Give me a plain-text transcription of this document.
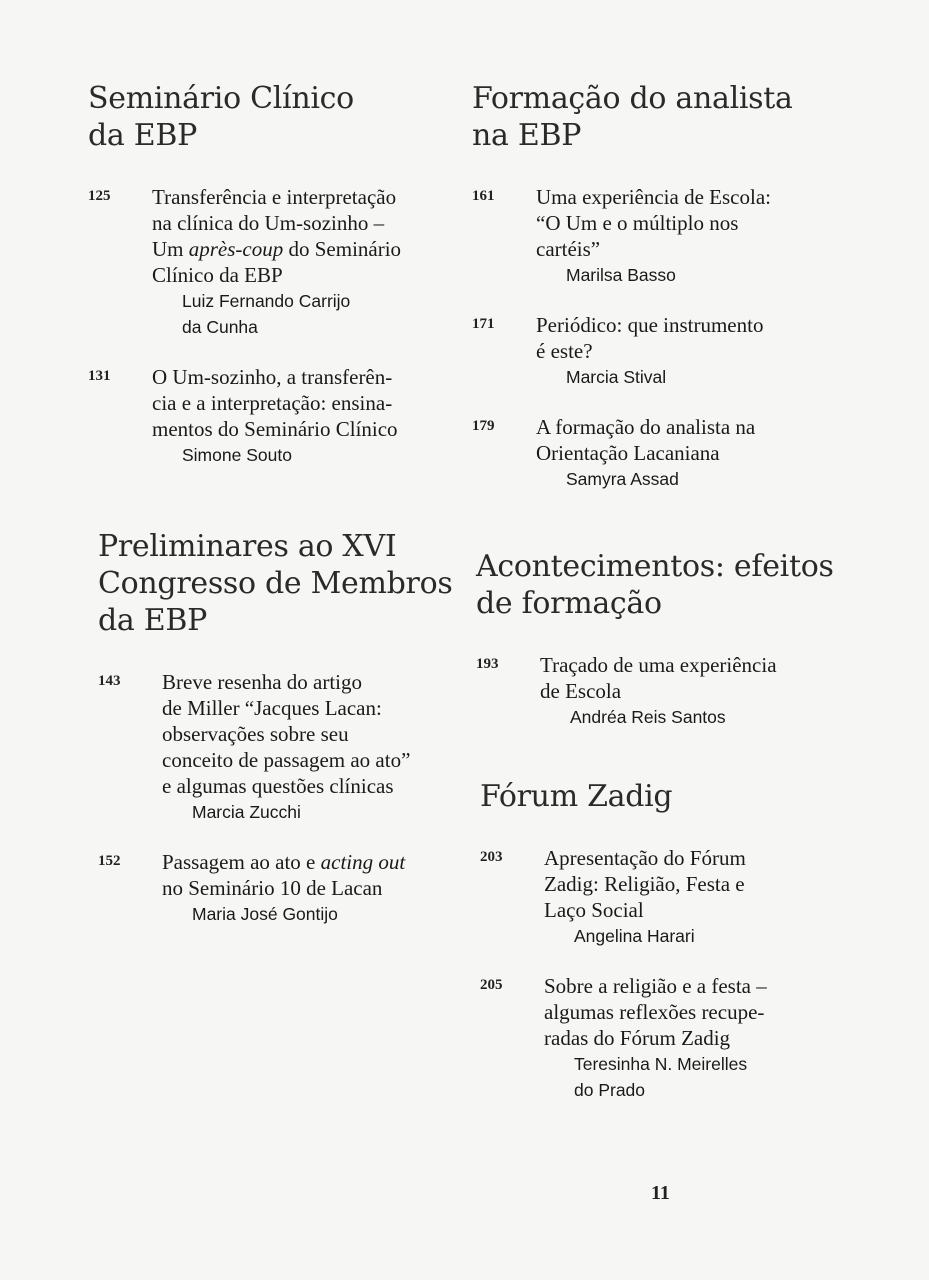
Seminário Clínico
da EBP
125 Transferência e interpretação
na clínica do Um-sozinho –
Um après-coup do Seminário
Clínico da EBP
Luiz Fernando Carrijo
da Cunha
131 O Um-sozinho, a transferên-
cia e a interpretação: ensina-
mentos do Seminário Clínico
Simone Souto
Preliminares ao XVI
Congresso de Membros
da EBP
143 Breve resenha do artigo
de Miller “Jacques Lacan:
observações sobre seu
conceito de passagem ao ato”
e algumas questões clínicas
Marcia Zucchi
152 Passagem ao ato e acting out
no Seminário 10 de Lacan
Maria José Gontijo
Formação do analista
na EBP
161 Uma experiência de Escola:
“O Um e o múltiplo nos
cartéis”
Marilsa Basso
171 Periódico: que instrumento
é este?
Marcia Stival
179 A formação do analista na
Orientação Lacaniana
Samyra Assad
Acontecimentos: efeitos
de formação
193 Traçado de uma experiência
de Escola
Andréa Reis Santos
Fórum Zadig
203 Apresentação do Fórum
Zadig: Religião, Festa e
Laço Social
Angelina Harari
205 Sobre a religião e a festa –
algumas reflexões recupe-
radas do Fórum Zadig
Teresinha N. Meirelles
do Prado
11
